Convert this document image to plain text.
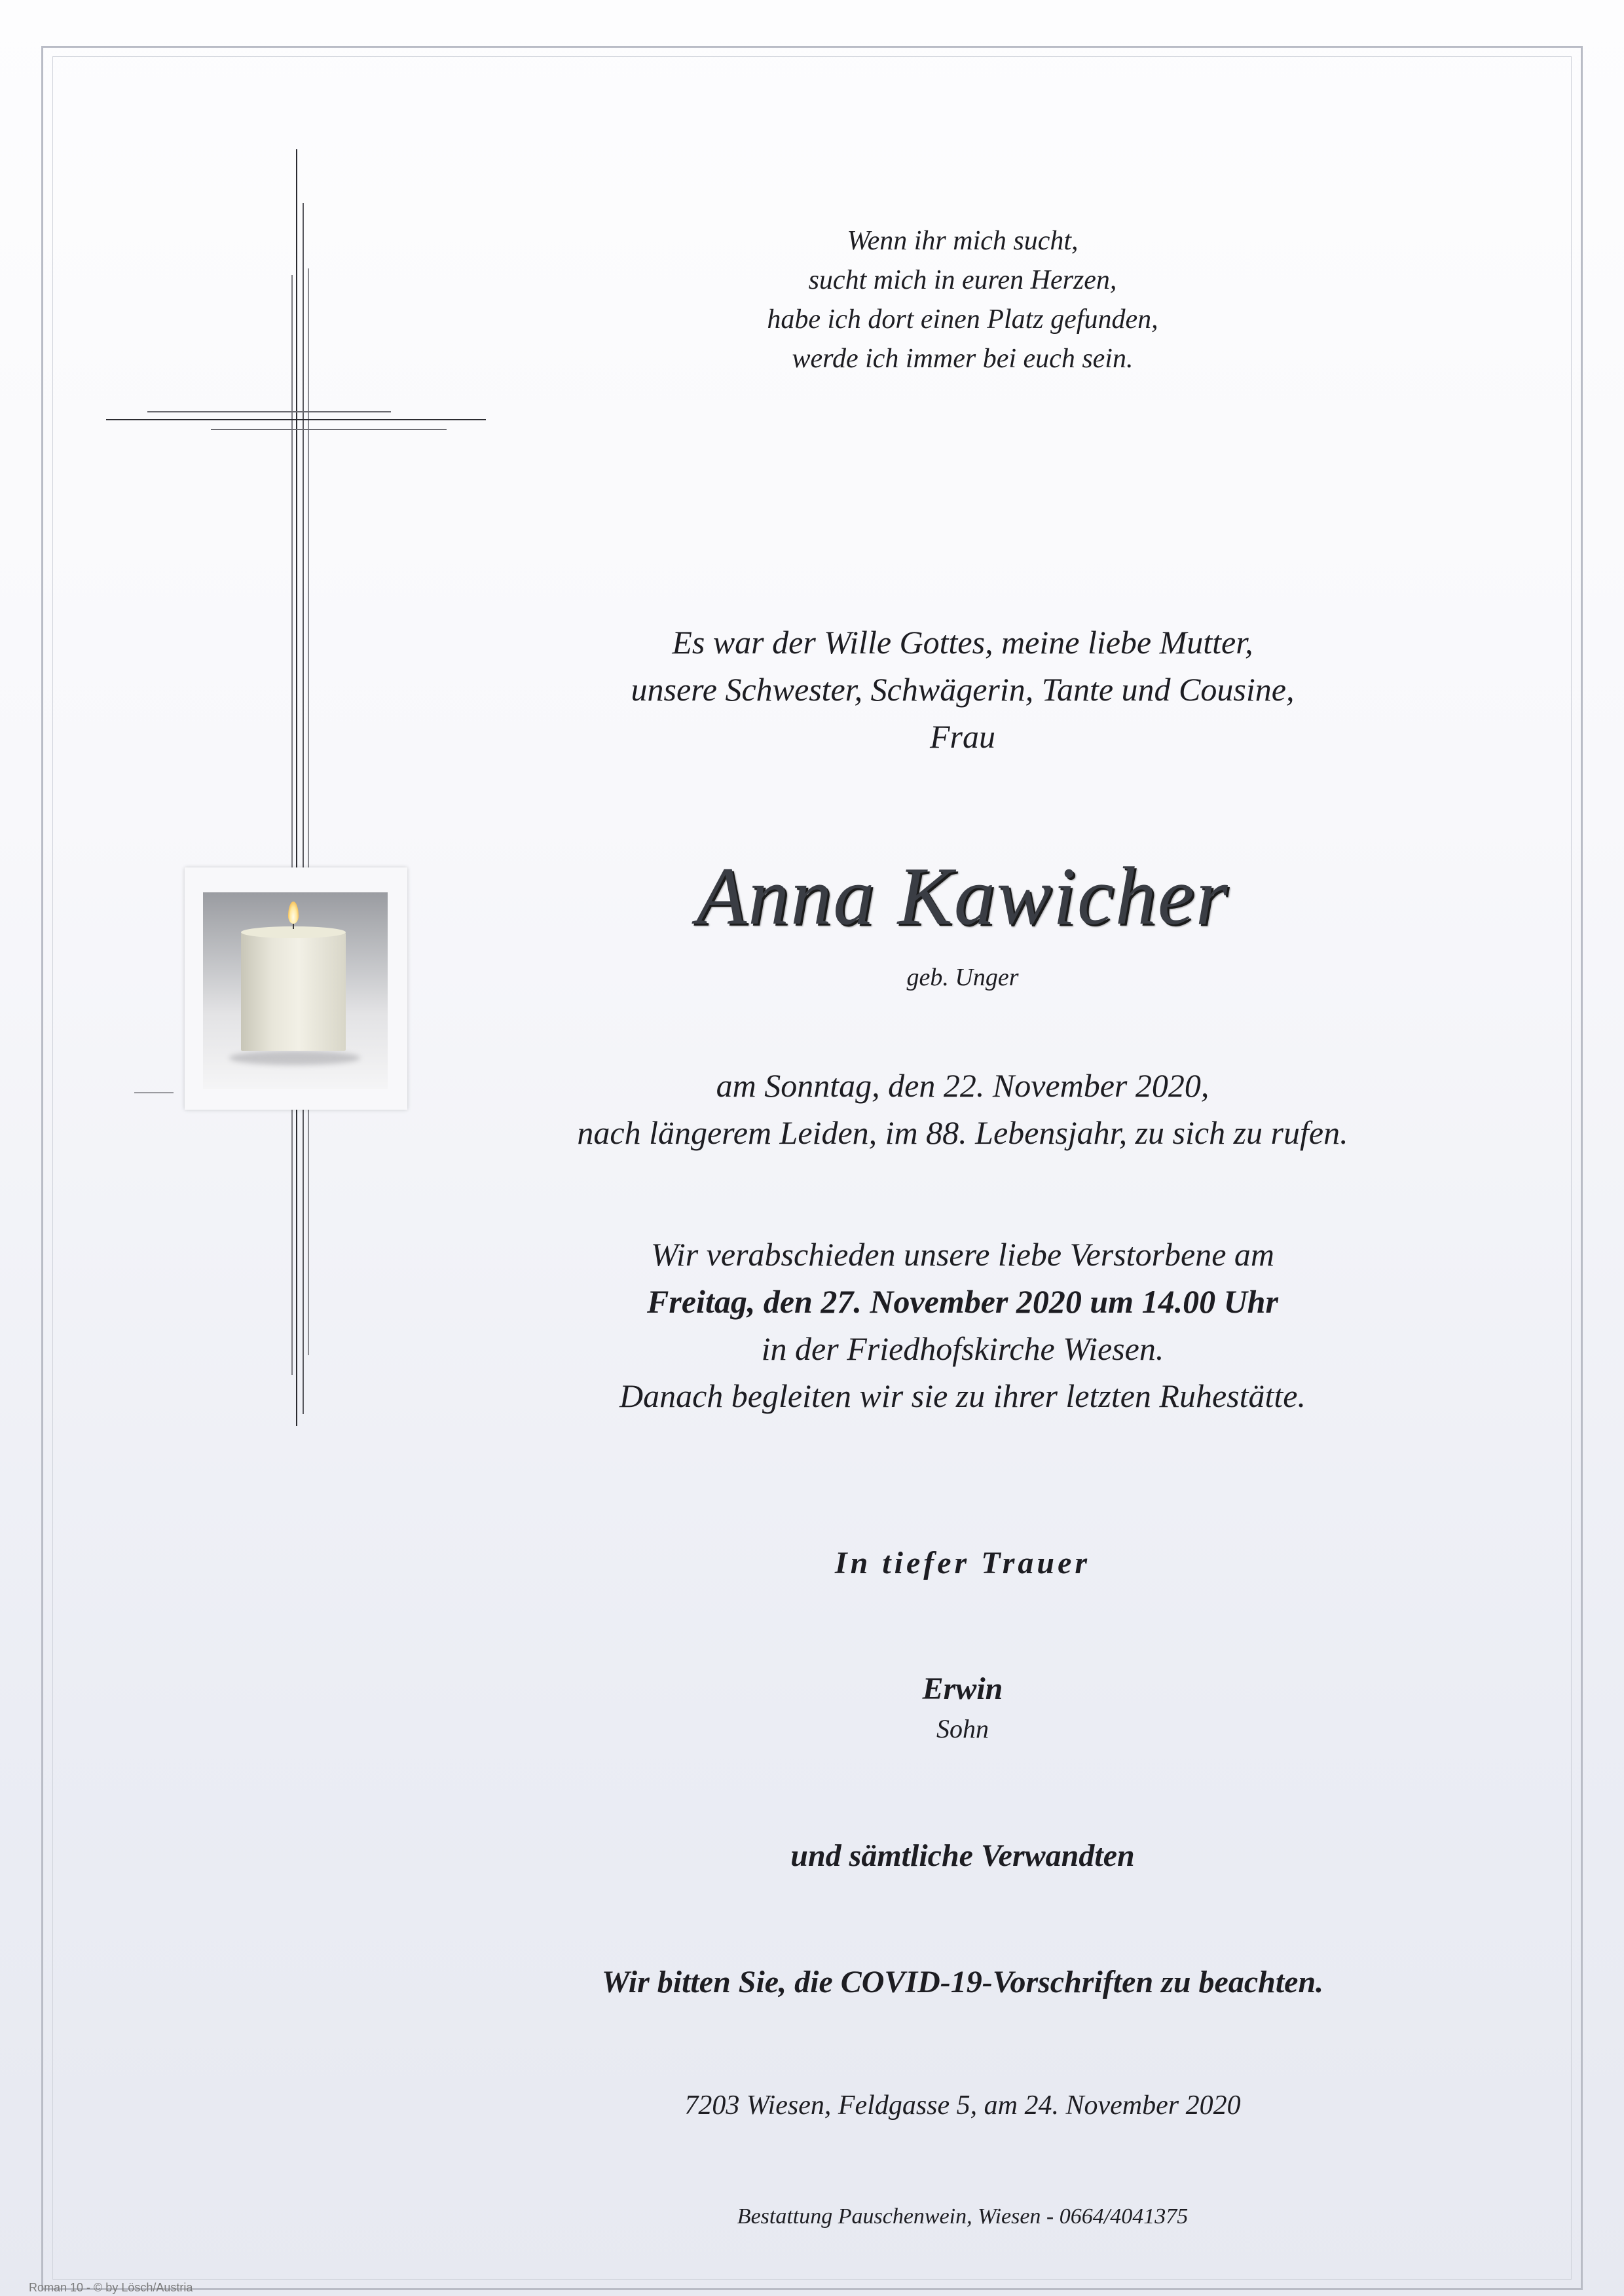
Wenn ihr mich sucht,
sucht mich in euren Herzen,
habe ich dort einen Platz gefunden,
werde ich immer bei euch sein.
Es war der Wille Gottes, meine liebe Mutter,
unsere Schwester, Schwägerin, Tante und Cousine,
Frau
Anna Kawicher
geb. Unger
am Sonntag, den 22. November 2020,
nach längerem Leiden, im 88. Lebensjahr, zu sich zu rufen.
Wir verabschieden unsere liebe Verstorbene am
Freitag, den 27. November 2020 um 14.00 Uhr
in der Friedhofskirche Wiesen.
Danach begleiten wir sie zu ihrer letzten Ruhestätte.
In tiefer Trauer
Erwin
Sohn
und sämtliche Verwandten
Wir bitten Sie, die COVID-19-Vorschriften zu beachten.
7203 Wiesen, Feldgasse 5, am 24. November 2020
Bestattung Pauschenwein, Wiesen - 0664/4041375
Roman 10 - © by Lösch/Austria
